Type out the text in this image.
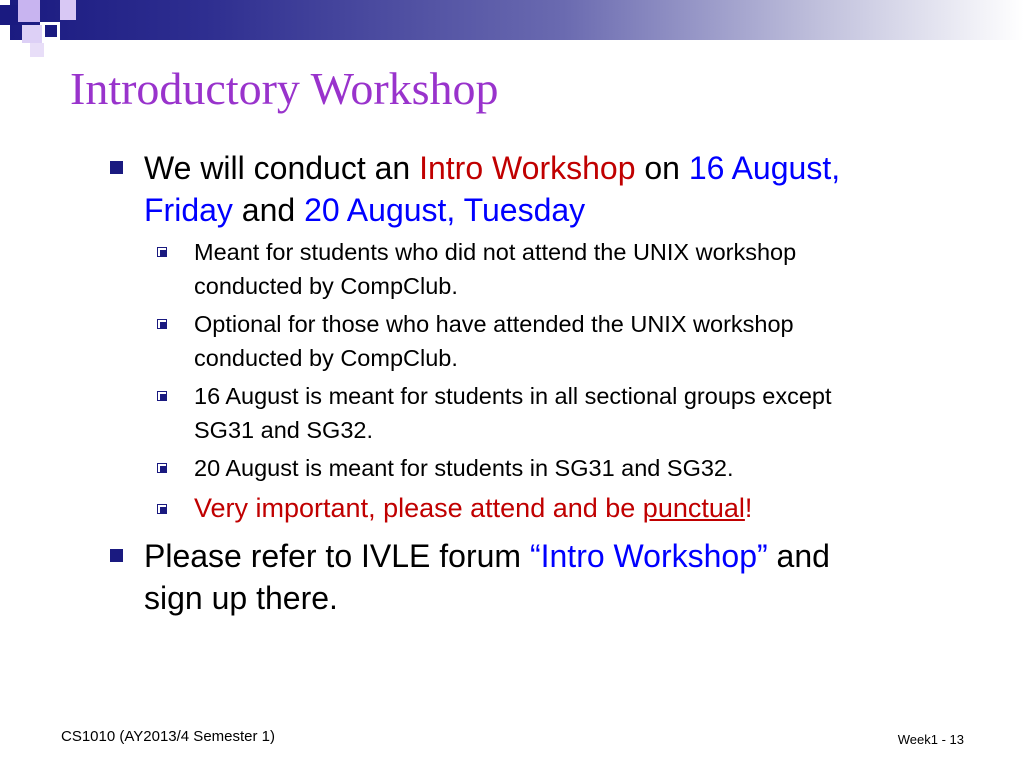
Introductory Workshop
We will conduct an Intro Workshop on 16 August, Friday and 20 August, Tuesday
Meant for students who did not attend the UNIX workshop conducted by CompClub.
Optional for those who have attended the UNIX workshop conducted by CompClub.
16 August is meant for students in all sectional groups except SG31 and SG32.
20 August is meant for students in SG31 and SG32.
Very important, please attend and be punctual!
Please refer to IVLE forum “Intro Workshop” and sign up there.
CS1010 (AY2013/4 Semester 1)	Week1 - 13
